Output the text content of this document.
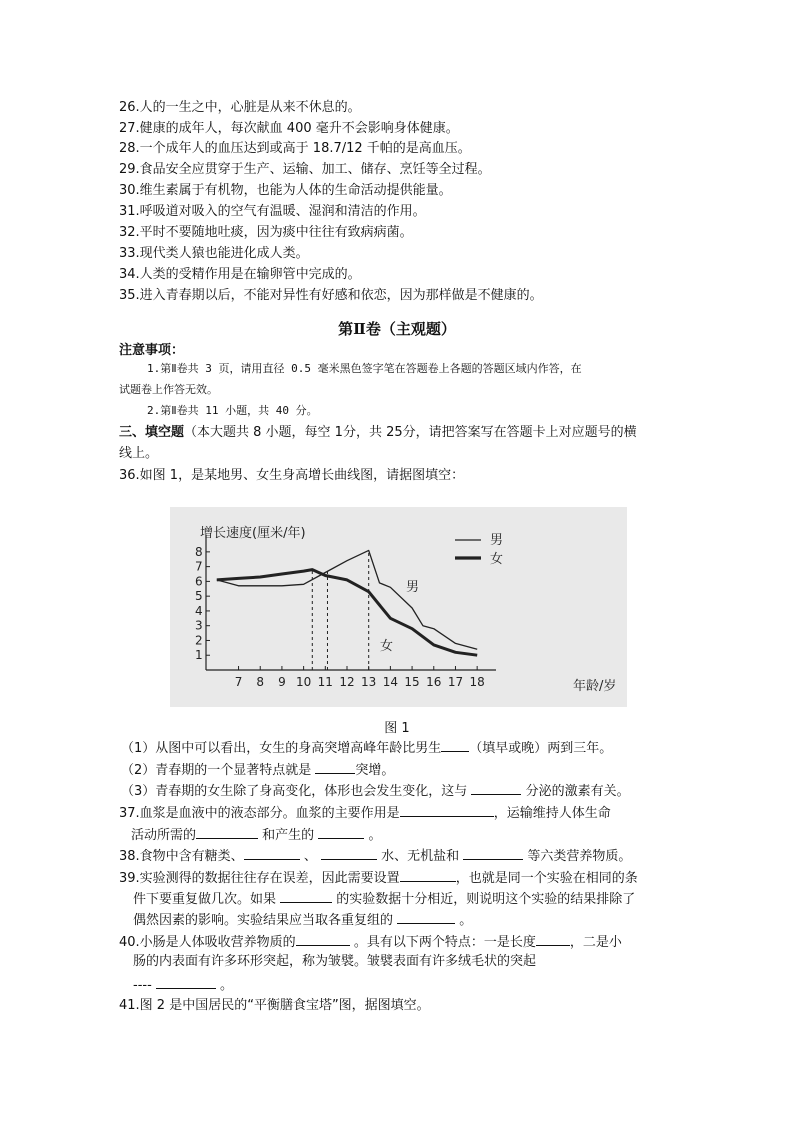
26.人的一生之中，心脏是从来不休息的。
27.健康的成年人，每次献血 400 毫升不会影响身体健康。
28.一个成年人的血压达到或高于 18.7/12 千帕的是高血压。
29.食品安全应贯穿于生产、运输、加工、储存、烹饪等全过程。
30.维生素属于有机物，也能为人体的生命活动提供能量。
31.呼吸道对吸入的空气有温暖、湿润和清洁的作用。
32.平时不要随地吐痰，因为痰中往往有致病病菌。
33.现代类人猿也能进化成人类。
34.人类的受精作用是在输卵管中完成的。
35.进入青春期以后，不能对异性有好感和依恋，因为那样做是不健康的。
第Ⅱ卷（主观题）
注意事项：
1.第Ⅱ卷共 3 页，请用直径 0.5 毫米黑色签字笔在答题卷上各题的答题区域内作答，在
试题卷上作答无效。
2.第Ⅱ卷共 11 小题，共 40 分。
三、填空题（本大题共 8 小题，每空 1分，共 25分，请把答案写在答题卡上对应题号的横
线上。
36.如图 1，是某地男、女生身高增长曲线图，请据图填空：
1
2
3
4
5
6
7
8
7 8 9 10 11 12 13 14 15 16 17 18
增长速度(厘米/年)
年龄/岁
男
女
男
女
图 1
（1）从图中可以看出，女生的身高突增高峰年龄比男生 （填早或晚）两到三年。
（2）青春期的一个显著特点就是	突增。
（3）青春期的女生除了身高变化，体形也会发生变化，这与	分泌的激素有关。
37.血浆是血液中的液态部分。血浆的主要作用是	，运输维持人体生命
活动所需的	和产生的	。
38.食物中含有糖类、	、	水、无机盐和	等六类营养物质。
39.实验测得的数据往往存在误差，因此需要设置	，也就是同一个实验在相同的条
件下要重复做几次。如果	的实验数据十分相近，则说明这个实验的结果排除了
偶然因素的影响。实验结果应当取各重复组的	。
40.小肠是人体吸收营养物质的	。具有以下两个特点：一是长度	，二是小
肠的内表面有许多环形突起，称为皱襞。皱襞表面有许多绒毛状的突起
----	。
41.图 2 是中国居民的“平衡膳食宝塔”图，据图填空。
